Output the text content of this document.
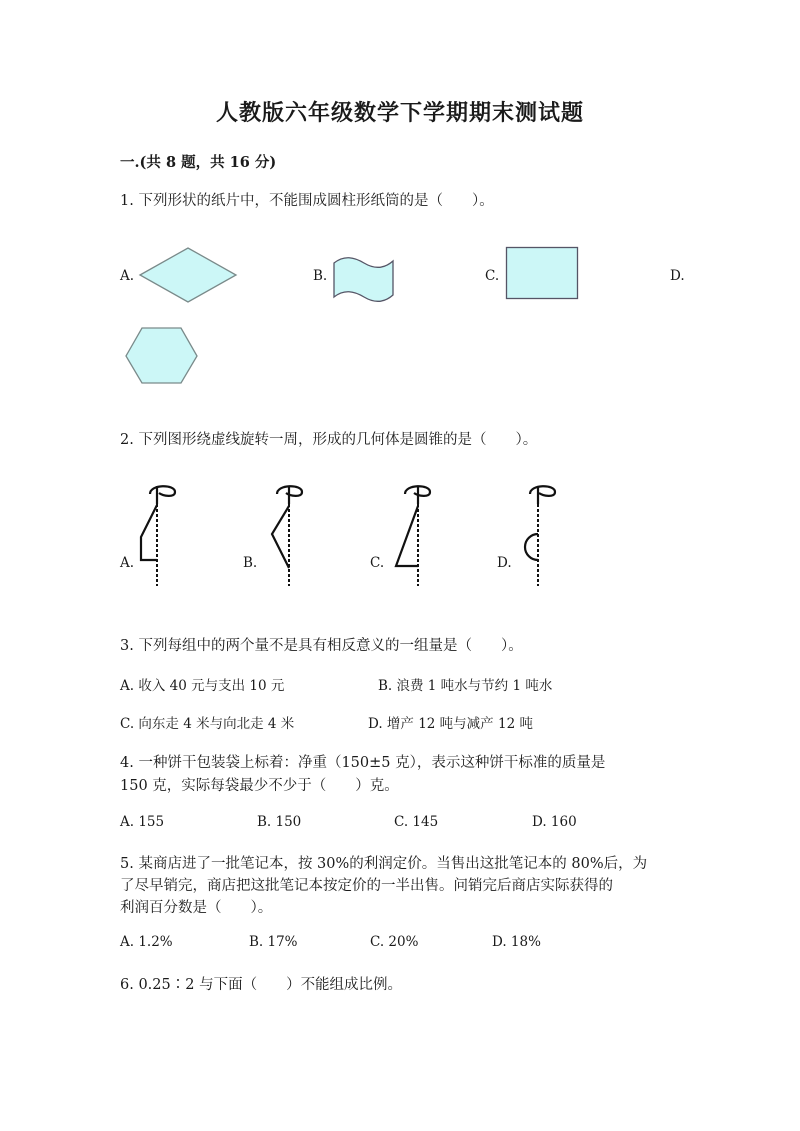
人教版六年级数学下学期期末测试题
一.(共 8 题，共 16 分)
1. 下列形状的纸片中，不能围成圆柱形纸筒的是（　　）。
A.	B.	C.	D.
2. 下列图形绕虚线旋转一周，形成的几何体是圆锥的是（　　）。
A.	B.	C.	D.
3. 下列每组中的两个量不是具有相反意义的一组量是（　　）。
A. 收入 40 元与支出 10 元	B. 浪费 1 吨水与节约 1 吨水
C. 向东走 4 米与向北走 4 米	D. 增产 12 吨与减产 12 吨
4. 一种饼干包装袋上标着：净重（150±5 克），表示这种饼干标准的质量是
150 克，实际每袋最少不少于（　　）克。
A. 155	B. 150	C. 145	D. 160
5. 某商店进了一批笔记本，按 30%的利润定价。当售出这批笔记本的 80%后，为
了尽早销完，商店把这批笔记本按定价的一半出售。问销完后商店实际获得的
利润百分数是（　　）。
A. 1.2%	B. 17%	C. 20%	D. 18%
6. 0.25∶2 与下面（　　）不能组成比例。
